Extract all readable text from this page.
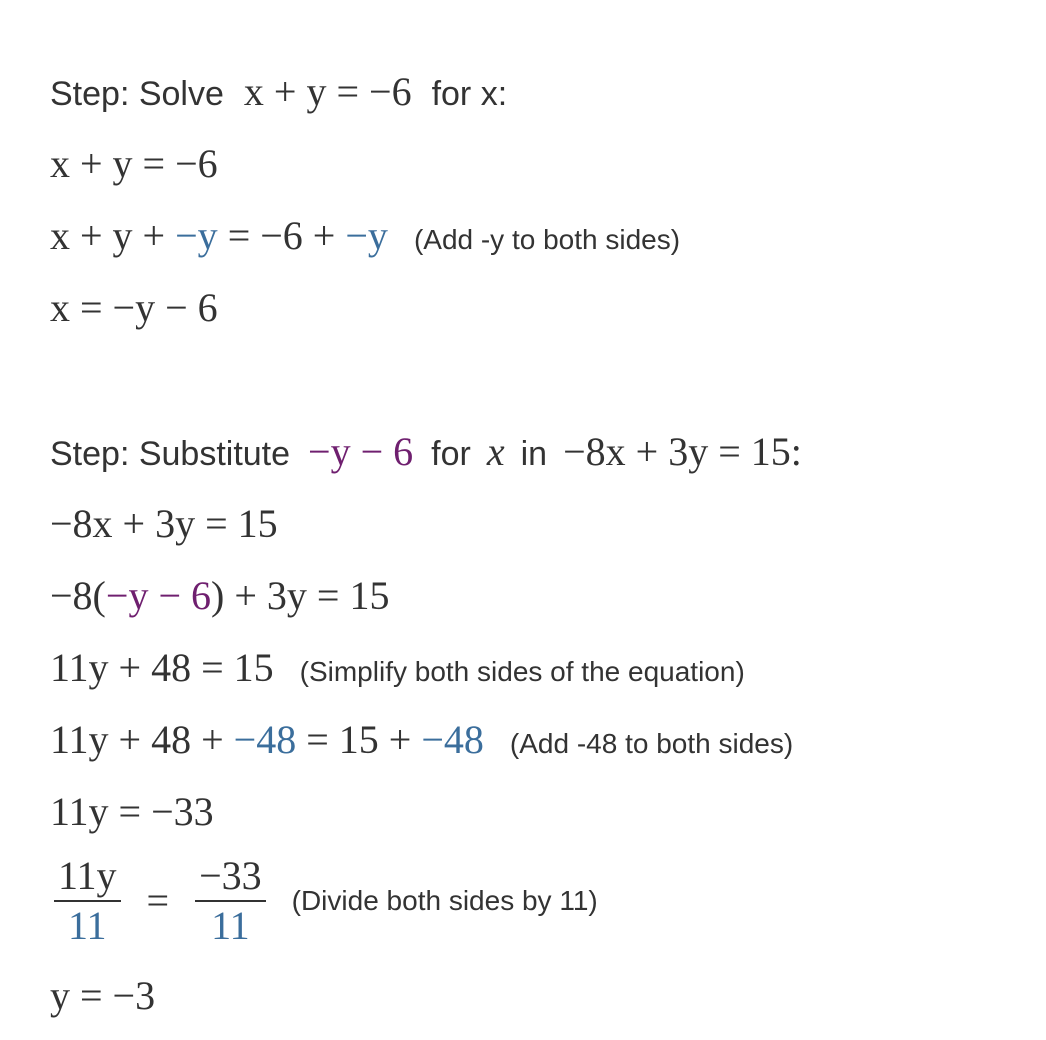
Step: Solve x + y = −6 for x:
x + y = −6
x + y + −y = −6 + −y (Add -y to both sides)
x = −y − 6
Step: Substitute −y − 6 for x in −8x + 3y = 15:
−8x + 3y = 15
−8(−y − 6) + 3y = 15
11y + 48 = 15 (Simplify both sides of the equation)
11y + 48 + −48 = 15 + −48 (Add -48 to both sides)
11y = −33
$\frac{11y}{11} = \frac{-33}{11}$ (Divide both sides by 11)
y = −3
